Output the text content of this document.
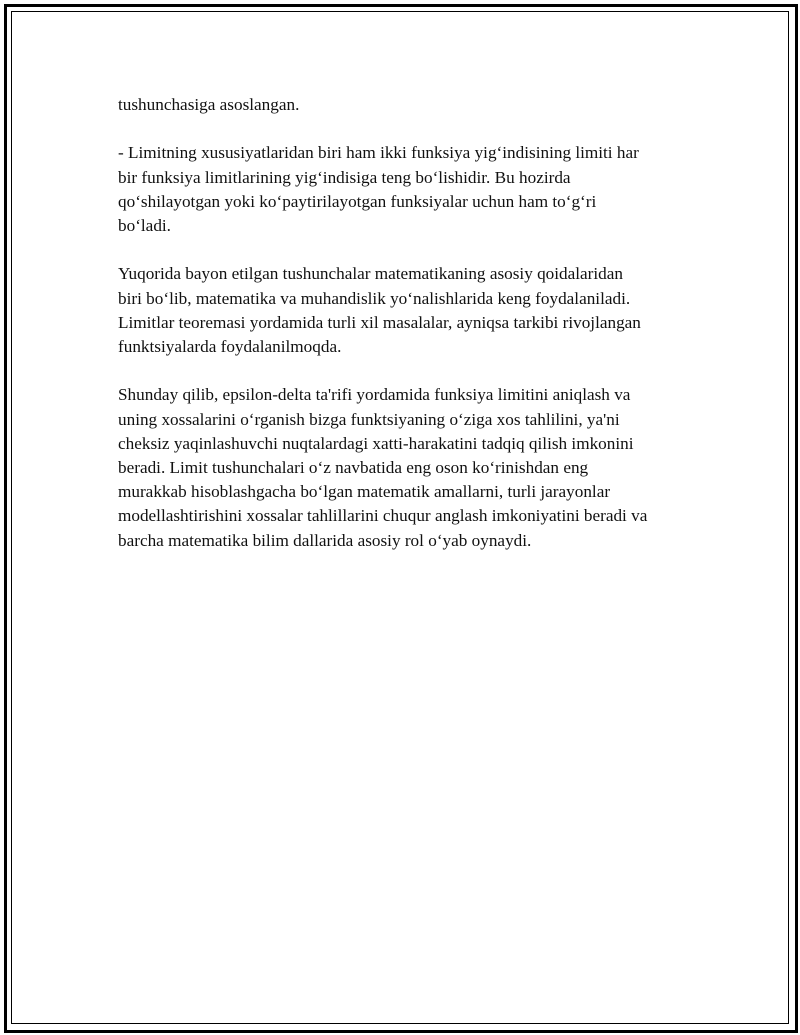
tushunchasiga asoslangan.
- Limitning xususiyatlaridan biri ham ikki funksiya yig‘indisining limiti har
bir funksiya limitlarining yig‘indisiga teng bo‘lishidir. Bu hozirda
qo‘shilayotgan yoki ko‘paytirilayotgan funksiyalar uchun ham to‘g‘ri
bo‘ladi.
Yuqorida bayon etilgan tushunchalar matematikaning asosiy qoidalaridan
biri bo‘lib, matematika va muhandislik yo‘nalishlarida keng foydalaniladi.
Limitlar teoremasi yordamida turli xil masalalar, ayniqsa tarkibi rivojlangan
funktsiyalarda foydalanilmoqda.
Shunday qilib, epsilon-delta ta'rifi yordamida funksiya limitini aniqlash va
uning xossalarini o‘rganish bizga funktsiyaning o‘ziga xos tahlilini, ya'ni
cheksiz yaqinlashuvchi nuqtalardagi xatti-harakatini tadqiq qilish imkonini
beradi. Limit tushunchalari o‘z navbatida eng oson ko‘rinishdan eng
murakkab hisoblashgacha bo‘lgan matematik amallarni, turli jarayonlar
modellashtirishini xossalar tahlillarini chuqur anglash imkoniyatini beradi va
barcha matematika bilim dallarida asosiy rol o‘yab oynaydi.
